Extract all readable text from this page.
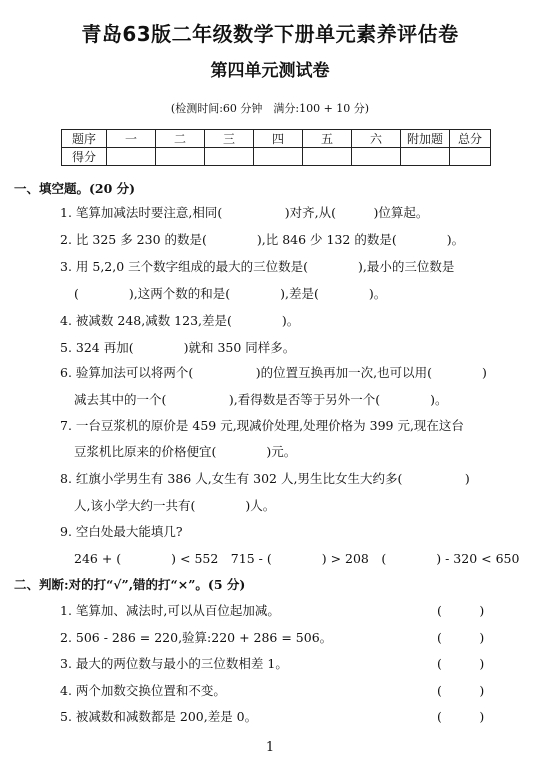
青岛63版二年级数学下册单元素养评估卷
第四单元测试卷
(检测时间:60 分钟　满分:100 + 10 分)
题序	一	二	三	四	五	六	附加题	总分
得分								
一、填空题。(20 分)
1. 笔算加减法时要注意,相同(　　　　　)对齐,从(　　　)位算起。
2. 比 325 多 230 的数是(　　　　),比 846 少 132 的数是(　　　　)。
3. 用 5,2,0 三个数字组成的最大的三位数是(　　　　),最小的三位数是
(　　　　),这两个数的和是(　　　　),差是(　　　　)。
4. 被减数 248,减数 123,差是(　　　　)。
5. 324 再加(　　　　)就和 350 同样多。
6. 验算加法可以将两个(　　　　　)的位置互换再加一次,也可以用(　　　　)
减去其中的一个(　　　　　),看得数是否等于另外一个(　　　　)。
7. 一台豆浆机的原价是 459 元,现减价处理,处理价格为 399 元,现在这台
豆浆机比原来的价格便宜(　　　　)元。
8. 红旗小学男生有 386 人,女生有 302 人,男生比女生大约多(　　　　　)
人,该小学大约一共有(　　　　)人。
9. 空白处最大能填几?
246 + (　　　　) < 552　715 - (　　　　) > 208　(　　　　) - 320 < 650
二、判断:对的打“√”,错的打“×”。(5 分)
1. 笔算加、减法时,可以从百位起加减。	(　　　)
2. 506 - 286 = 220,验算:220 + 286 = 506。	(　　　)
3. 最大的两位数与最小的三位数相差 1。	(　　　)
4. 两个加数交换位置和不变。	(　　　)
5. 被减数和减数都是 200,差是 0。	(　　　)
1
